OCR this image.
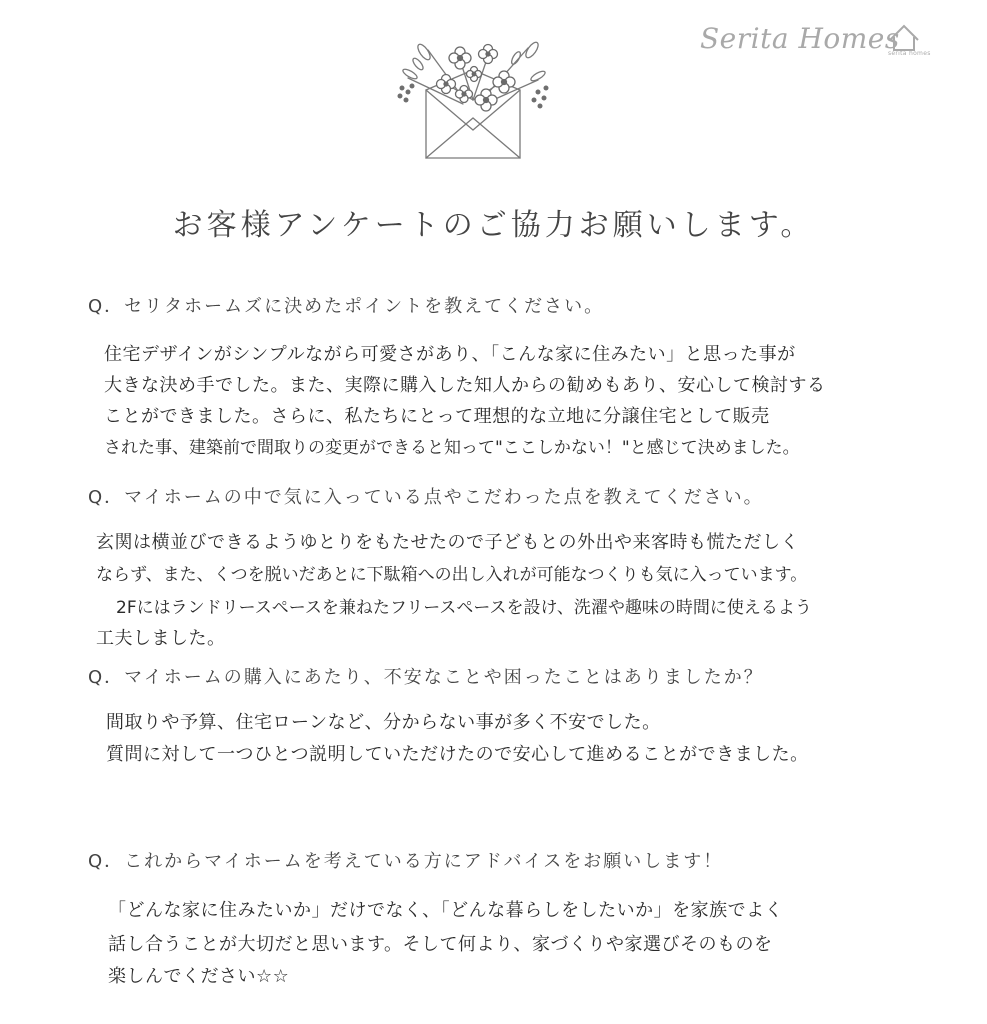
Serita Homes
serita homes
お客様アンケートのご協力お願いします。
Q．セリタホームズに決めたポイントを教えてください。
住宅デザインがシンプルながら可愛さがあり、「こんな家に住みたい」と思った事が
大きな決め手でした。また、実際に購入した知人からの勧めもあり、安心して検討する
ことができました。さらに、私たちにとって理想的な立地に分譲住宅として販売
された事、建築前で間取りの変更ができると知って"ここしかない！"と感じて決めました。
Q．マイホームの中で気に入っている点やこだわった点を教えてください。
玄関は横並びできるようゆとりをもたせたので子どもとの外出や来客時も慌ただしく
ならず、また、くつを脱いだあとに下駄箱への出し入れが可能なつくりも気に入っています。
2Fにはランドリースペースを兼ねたフリースペースを設け、洗濯や趣味の時間に使えるよう
工夫しました。
Q．マイホームの購入にあたり、不安なことや困ったことはありましたか？
間取りや予算、住宅ローンなど、分からない事が多く不安でした。
質問に対して一つひとつ説明していただけたので安心して進めることができました。
Q．これからマイホームを考えている方にアドバイスをお願いします！
「どんな家に住みたいか」だけでなく、「どんな暮らしをしたいか」を家族でよく
話し合うことが大切だと思います。そして何より、家づくりや家選びそのものを
楽しんでください☆☆
